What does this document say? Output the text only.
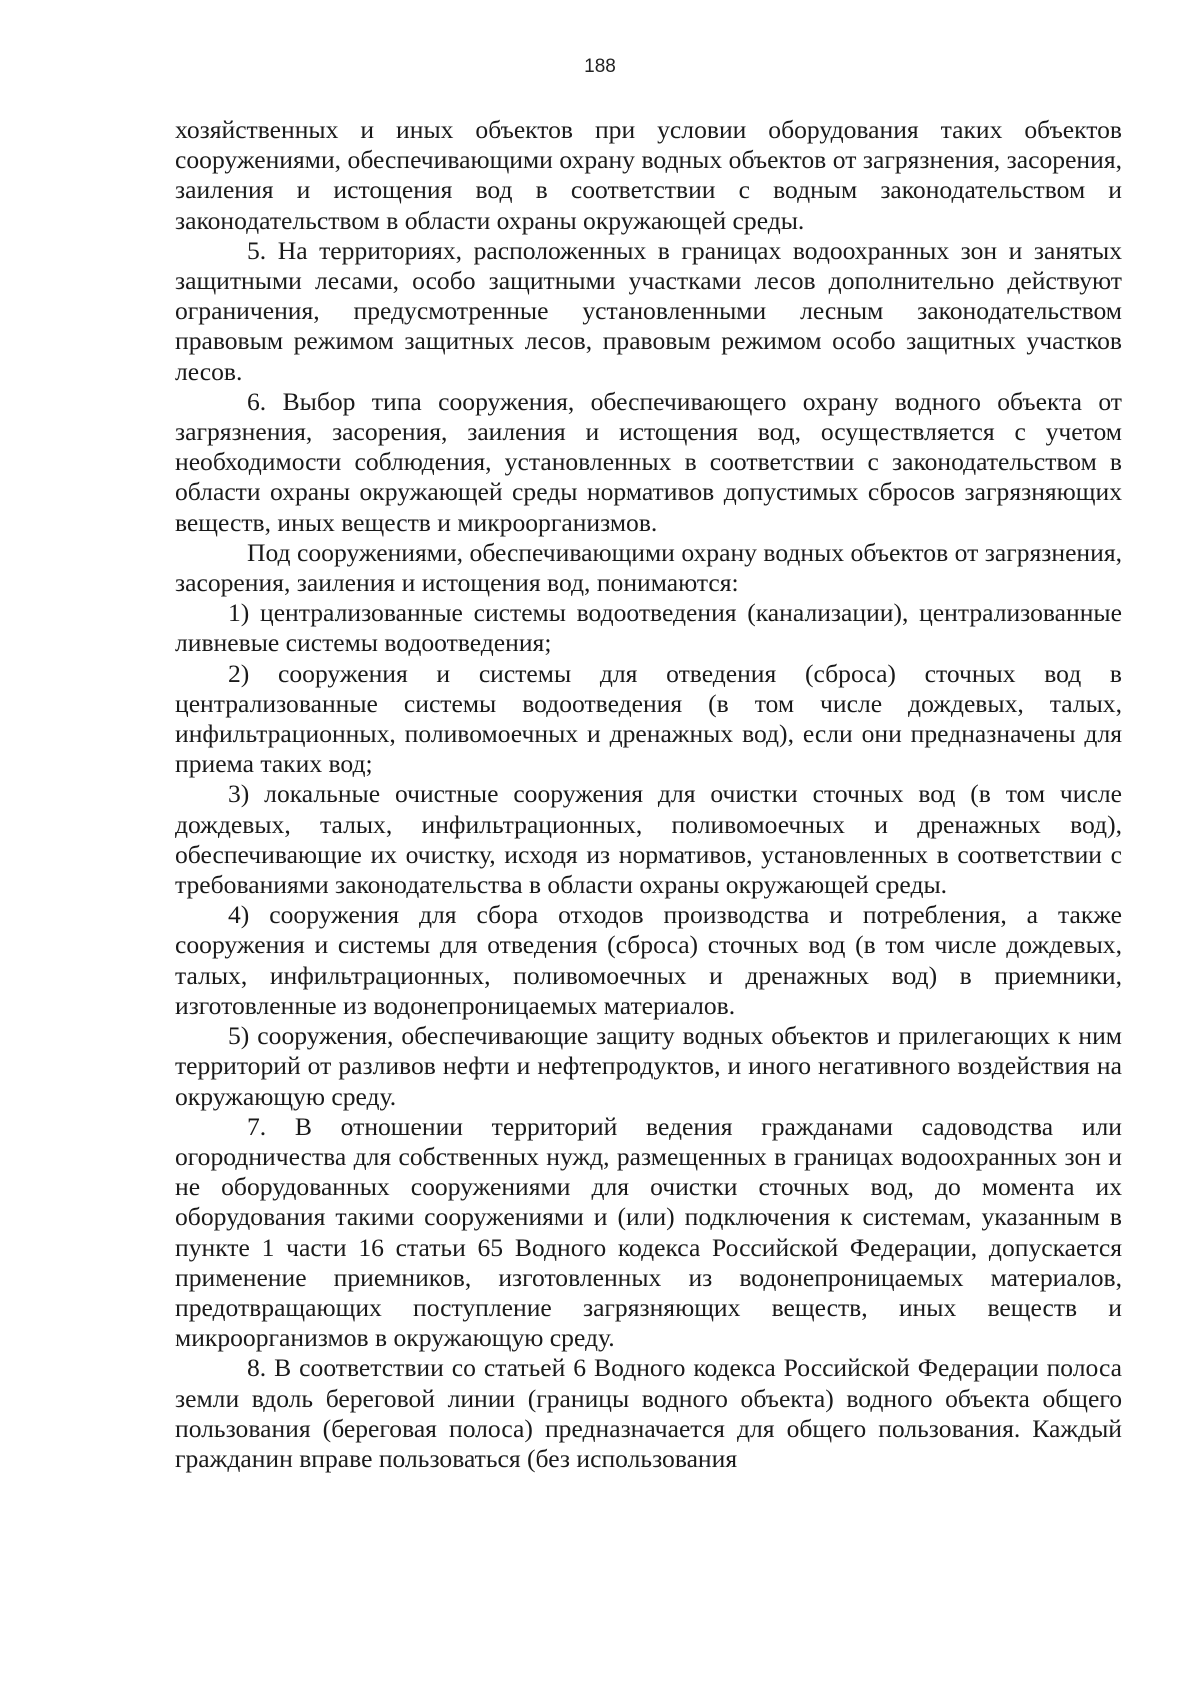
188

хозяйственных и иных объектов при условии оборудования таких объектов сооружениями, обеспечивающими охрану водных объектов от загрязнения, засорения, заиления и истощения вод в соответствии с водным законодательством и законодательством в области охраны окружающей среды.

5. На территориях, расположенных в границах водоохранных зон и занятых защитными лесами, особо защитными участками лесов дополнительно действуют ограничения, предусмотренные установленными лесным законодательством правовым режимом защитных лесов, правовым режимом особо защитных участков лесов.

6. Выбор типа сооружения, обеспечивающего охрану водного объекта от загрязнения, засорения, заиления и истощения вод, осуществляется с учетом необходимости соблюдения, установленных в соответствии с законодательством в области охраны окружающей среды нормативов допустимых сбросов загрязняющих веществ, иных веществ и микроорганизмов.

Под сооружениями, обеспечивающими охрану водных объектов от загрязнения, засорения, заиления и истощения вод, понимаются:

1) централизованные системы водоотведения (канализации), централизованные ливневые системы водоотведения;

2) сооружения и системы для отведения (сброса) сточных вод в централизованные системы водоотведения (в том числе дождевых, талых, инфильтрационных, поливомоечных и дренажных вод), если они предназначены для приема таких вод;

3) локальные очистные сооружения для очистки сточных вод (в том числе дождевых, талых, инфильтрационных, поливомоечных и дренажных вод), обеспечивающие их очистку, исходя из нормативов, установленных в соответствии с требованиями законодательства в области охраны окружающей среды.

4) сооружения для сбора отходов производства и потребления, а также сооружения и системы для отведения (сброса) сточных вод (в том числе дождевых, талых, инфильтрационных, поливомоечных и дренажных вод) в приемники, изготовленные из водонепроницаемых материалов.

5) сооружения, обеспечивающие защиту водных объектов и прилегающих к ним территорий от разливов нефти и нефтепродуктов, и иного негативного воздействия на окружающую среду.

7. В отношении территорий ведения гражданами садоводства или огородничества для собственных нужд, размещенных в границах водоохранных зон и не оборудованных сооружениями для очистки сточных вод, до момента их оборудования такими сооружениями и (или) подключения к системам, указанным в пункте 1 части 16 статьи 65 Водного кодекса Российской Федерации, допускается применение приемников, изготовленных из водонепроницаемых материалов, предотвращающих поступление загрязняющих веществ, иных веществ и микроорганизмов в окружающую среду.

8. В соответствии со статьей 6 Водного кодекса Российской Федерации полоса земли вдоль береговой линии (границы водного объекта) водного объекта общего пользования (береговая полоса) предназначается для общего пользования. Каждый гражданин вправе пользоваться (без использования
